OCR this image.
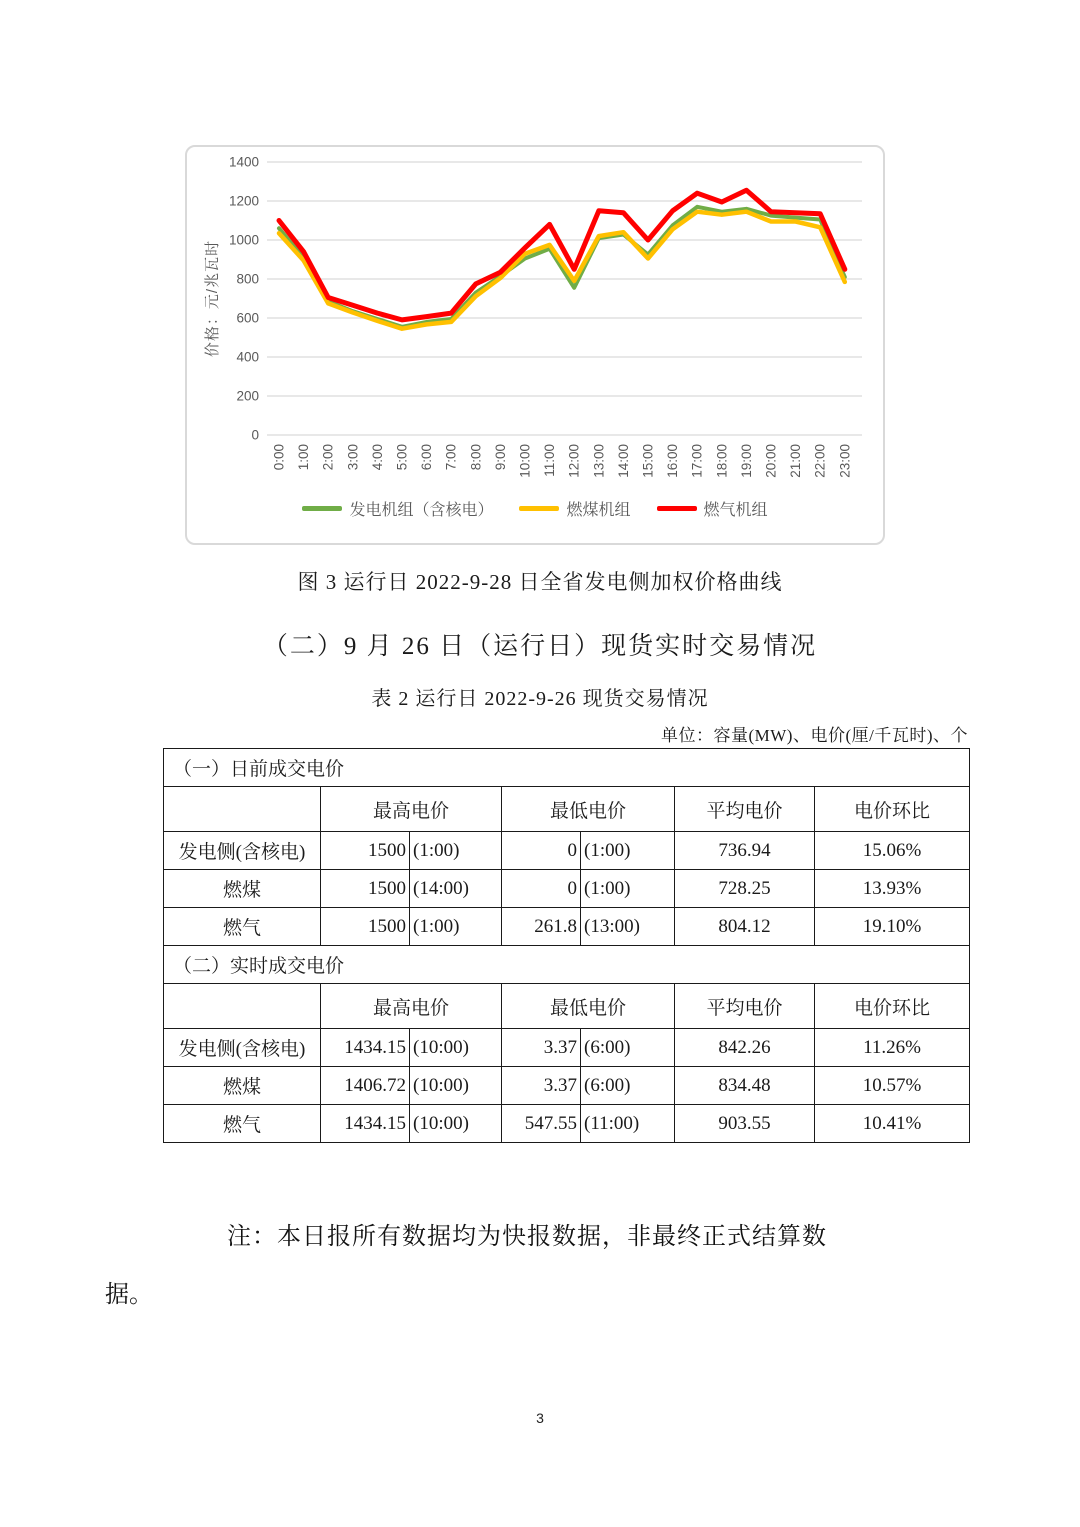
0
200
400
600
800
1000
1200
1400
价格：元/兆瓦时
0:00 1:00 2:00 3:00 4:00 5:00 6:00 7:00 8:00 9:00 10:00 11:00 12:00 13:00 14:00 15:00 16:00 17:00 18:00 19:00 20:00 21:00 22:00 23:00
发电机组（含核电）	燃煤机组	燃气机组
图 3 运行日 2022-9-28 日全省发电侧加权价格曲线
（二）9 月 26 日（运行日）现货实时交易情况
表 2 运行日 2022-9-26 现货交易情况
单位：容量(MW)、电价(厘/千瓦时)、个
（一）日前成交电价						
	最高电价		最低电价		平均电价	电价环比
发电侧(含核电)	1500	(1:00)	0	(1:00)	736.94	15.06%
燃煤	1500	(14:00)	0	(1:00)	728.25	13.93%
燃气	1500	(1:00)	261.8	(13:00)	804.12	19.10%
（二）实时成交电价						
	最高电价		最低电价		平均电价	电价环比
发电侧(含核电)	1434.15	(10:00)	3.37	(6:00)	842.26	11.26%
燃煤	1406.72	(10:00)	3.37	(6:00)	834.48	10.57%
燃气	1434.15	(10:00)	547.55	(11:00)	903.55	10.41%
注：本日报所有数据均为快报数据，非最终正式结算数
据。
3
